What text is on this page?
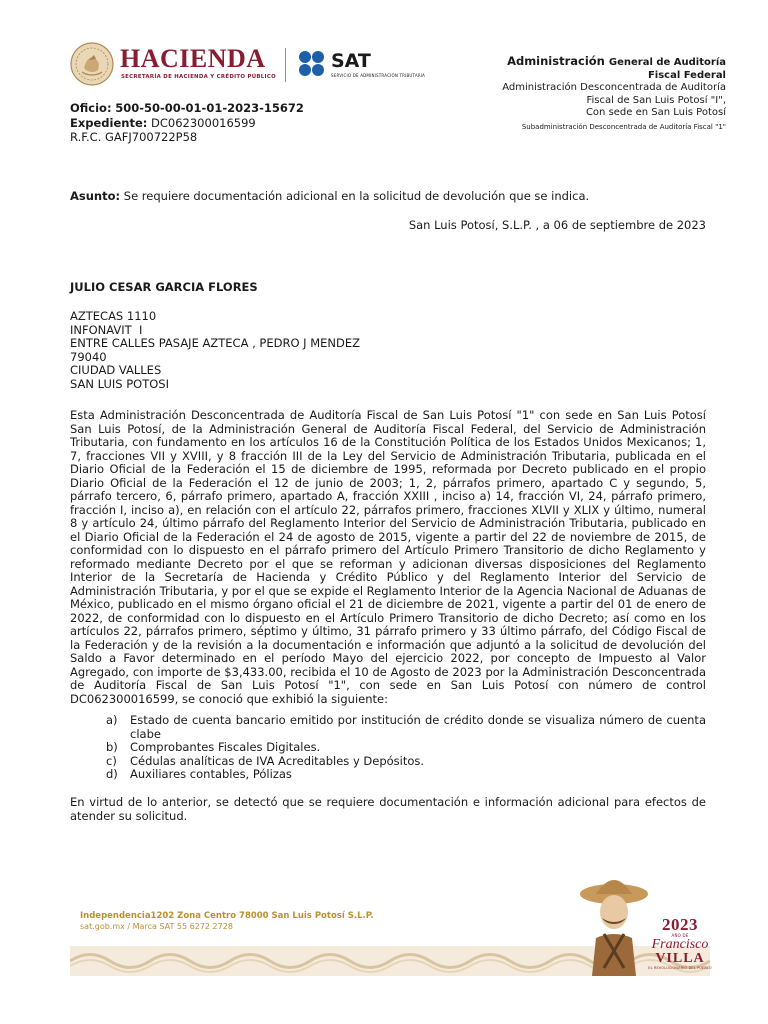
HACIENDA
SECRETARÍA DE HACIENDA Y CRÉDITO PÚBLICO
SAT
SERVICIO DE ADMINISTRACIÓN TRIBUTARIA
Administración General de Auditoría
Fiscal Federal
Administración Desconcentrada de Auditoría
Fiscal de San Luis Potosí "I",
Con sede en San Luis Potosí
Subadministración Desconcentrada de Auditoría Fiscal "1"
Oficio: 500-50-00-01-01-2023-15672
Expediente: DC062300016599
R.F.C. GAFJ700722P58
Asunto: Se requiere documentación adicional en la solicitud de devolución que se indica.
San Luis Potosí, S.L.P. , a 06 de septiembre de 2023
JULIO CESAR GARCIA FLORES
AZTECAS 1110
INFONAVIT  I
ENTRE CALLES PASAJE AZTECA , PEDRO J MENDEZ
79040
CIUDAD VALLES
SAN LUIS POTOSI
Esta Administración Desconcentrada de Auditoría Fiscal de San Luis Potosí "1" con sede en San Luis Potosí San Luis Potosí, de la Administración General de Auditoría Fiscal Federal, del Servicio de Administración Tributaria, con fundamento en los artículos 16 de la Constitución Política de los Estados Unidos Mexicanos; 1, 7, fracciones VII y XVIII, y 8 fracción III de la Ley del Servicio de Administración Tributaria, publicada en el Diario Oficial de la Federación el 15 de diciembre de 1995, reformada por Decreto publicado en el propio Diario Oficial de la Federación el 12 de junio de 2003; 1, 2, párrafos primero, apartado C y segundo, 5, párrafo tercero, 6, párrafo primero, apartado A, fracción XXIII , inciso a) 14, fracción VI, 24, párrafo primero, fracción I, inciso a), en relación con el artículo 22, párrafos primero, fracciones XLVII y XLIX y último, numeral 8 y artículo 24, último párrafo del Reglamento Interior del Servicio de Administración Tributaria, publicado en el Diario Oficial de la Federación el 24 de agosto de 2015, vigente a partir del 22 de noviembre de 2015, de conformidad con lo dispuesto en el párrafo primero del Artículo Primero Transitorio de dicho Reglamento y reformado mediante Decreto por el que se reforman y adicionan diversas disposiciones del Reglamento Interior de la Secretaría de Hacienda y Crédito Público y del Reglamento Interior del Servicio de Administración Tributaria, y por el que se expide el Reglamento Interior de la Agencia Nacional de Aduanas de México, publicado en el mismo órgano oficial el 21 de diciembre de 2021, vigente a partir del 01 de enero de 2022, de conformidad con lo dispuesto en el Artículo Primero Transitorio de dicho Decreto; así como en los artículos 22, párrafos primero, séptimo y último, 31 párrafo primero y 33 último párrafo, del Código Fiscal de la Federación y de la revisión a la documentación e información que adjuntó a la solicitud de devolución del Saldo a Favor determinado en el período Mayo del ejercicio 2022, por concepto de Impuesto al Valor Agregado, con importe de $3,433.00, recibida el 10 de Agosto de 2023 por la Administración Desconcentrada de Auditoría Fiscal de San Luis Potosí "1", con sede en San Luis Potosí con número de control DC062300016599, se conoció que exhibió la siguiente:
a) Estado de cuenta bancario emitido por institución de crédito donde se visualiza número de cuenta clabe
b) Comprobantes Fiscales Digitales.
c) Cédulas analíticas de IVA Acreditables y Depósitos.
d) Auxiliares contables, Pólizas
En virtud de lo anterior, se detectó que se requiere documentación e información adicional para efectos de atender su solicitud.
Independencia1202 Zona Centro 78000 San Luis Potosí S.L.P.
sat.gob.mx / Marca SAT 55 6272 2728	2023
AÑO DE
Francisco
VILLA
EL REVOLUCIONARIO DEL PUEBLO
